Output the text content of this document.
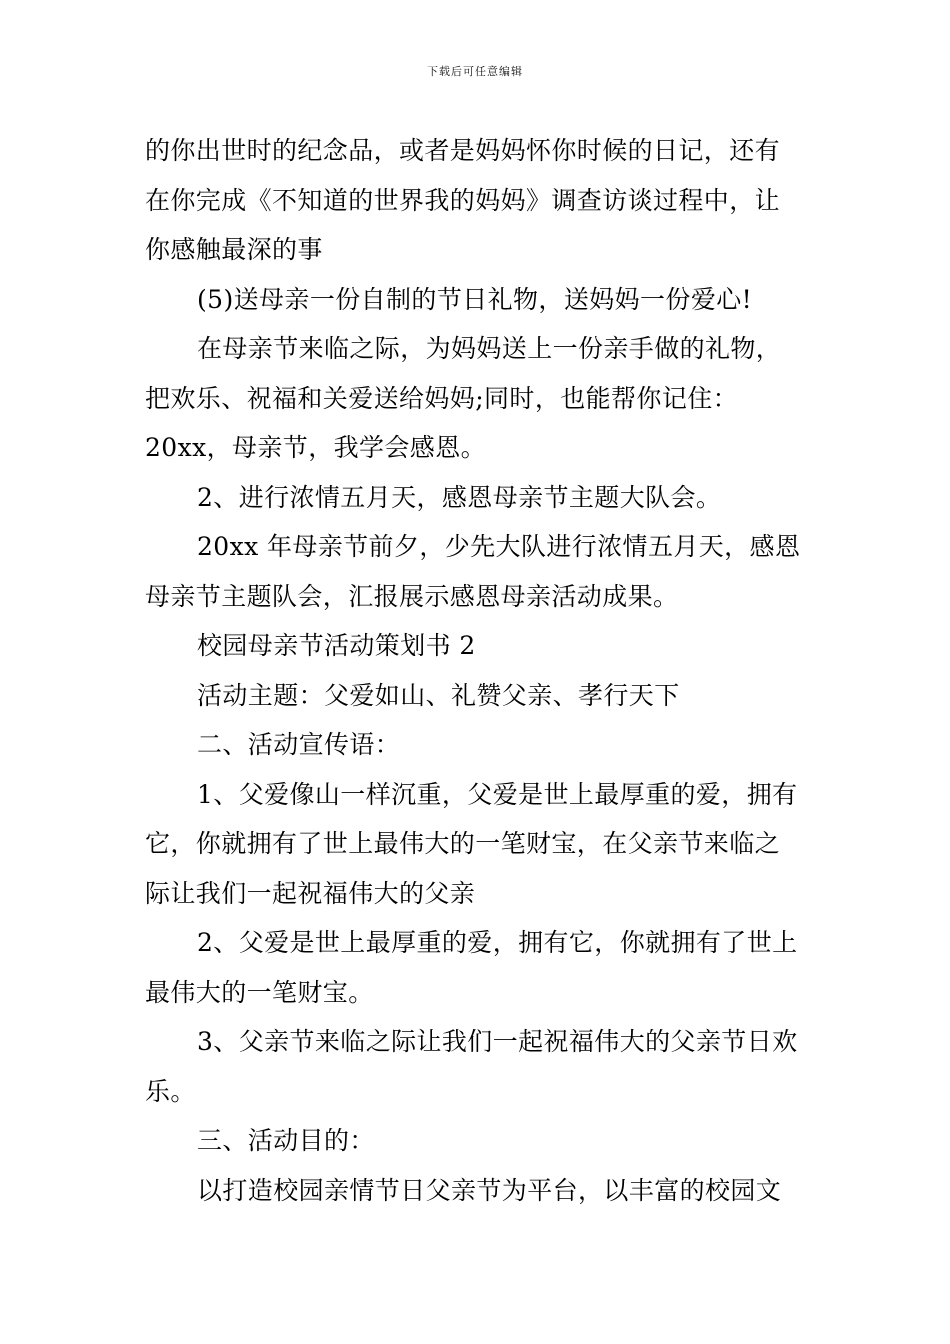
下载后可任意编辑
的你出世时的纪念品，或者是妈妈怀你时候的日记，还有
在你完成《不知道的世界我的妈妈》调查访谈过程中，让
你感触最深的事
(5)送母亲一份自制的节日礼物，送妈妈一份爱心!
在母亲节来临之际，为妈妈送上一份亲手做的礼物，
把欢乐、祝福和关爱送给妈妈;同时，也能帮你记住：
20xx，母亲节，我学会感恩。
2、进行浓情五月天，感恩母亲节主题大队会。
20xx 年母亲节前夕，少先大队进行浓情五月天，感恩
母亲节主题队会，汇报展示感恩母亲活动成果。
校园母亲节活动策划书 2
活动主题：父爱如山、礼赞父亲、孝行天下
二、活动宣传语：
1、父爱像山一样沉重，父爱是世上最厚重的爱，拥有
它，你就拥有了世上最伟大的一笔财宝，在父亲节来临之
际让我们一起祝福伟大的父亲
2、父爱是世上最厚重的爱，拥有它，你就拥有了世上
最伟大的一笔财宝。
3、父亲节来临之际让我们一起祝福伟大的父亲节日欢
乐。
三、活动目的：
以打造校园亲情节日父亲节为平台，以丰富的校园文
